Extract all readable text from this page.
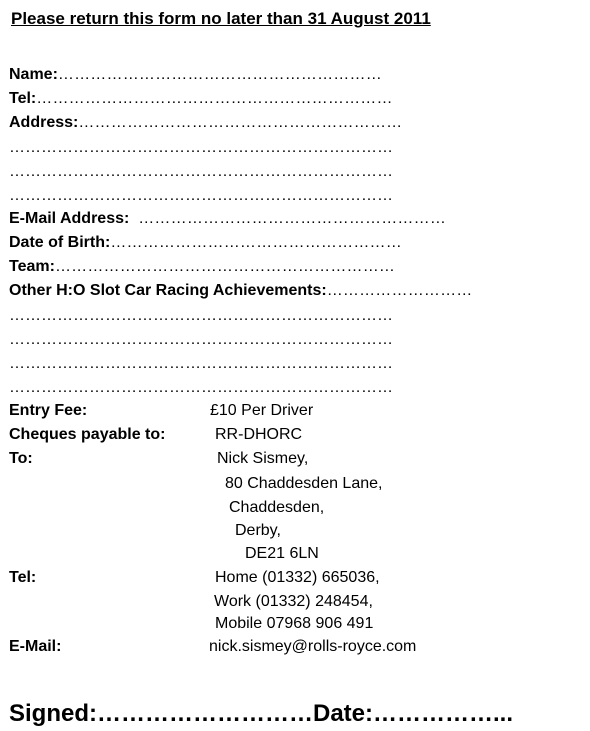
Please return this form no later than 31 August 2011
Name:……………………………………………………
Tel:…………………………………………………………
Address:……………………………………………………
………………………………………………………………
………………………………………………………………
………………………………………………………………
E-Mail Address: …………………………………………………
Date of Birth:………………………………………………
Team:………………………………………………………
Other H:O Slot Car Racing Achievements:………………………
………………………………………………………………
………………………………………………………………
………………………………………………………………
………………………………………………………………
Entry Fee:	£10 Per Driver
Cheques payable to:	RR-DHORC
To:	Nick Sismey,
80 Chaddesden Lane,
Chaddesden,
Derby,
DE21 6LN
Tel:	Home (01332) 665036,
Work (01332) 248454,
Mobile 07968 906 491
E-Mail:	nick.sismey@rolls-royce.com
Signed:………………………Date:……………...
